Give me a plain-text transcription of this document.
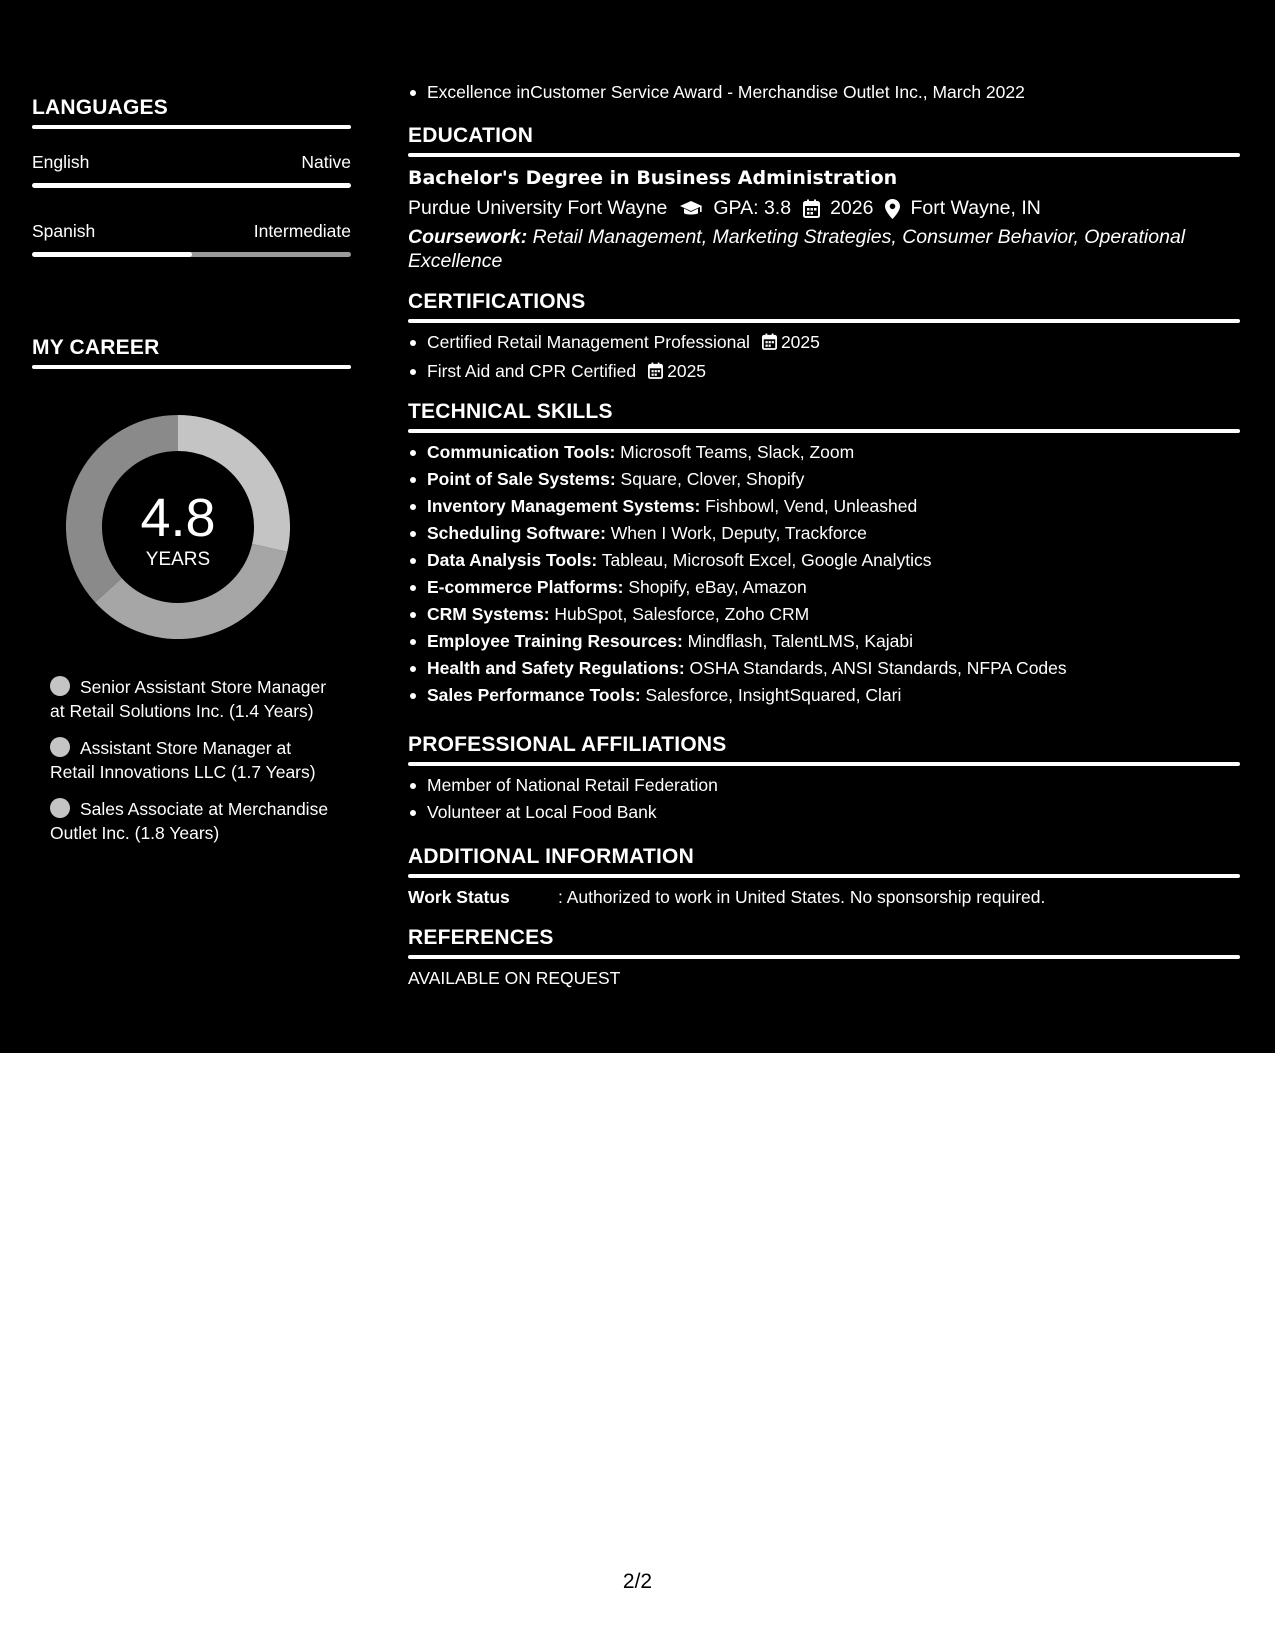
LANGUAGES
English	Native
Spanish	Intermediate
MY CAREER
4.8
YEARS
Senior Assistant Store Manager at Retail Solutions Inc. (1.4 Years)
Assistant Store Manager at Retail Innovations LLC (1.7 Years)
Sales Associate at Merchandise Outlet Inc. (1.8 Years)
Excellence inCustomer Service Award - Merchandise Outlet Inc., March 2022
EDUCATION
Bachelor's Degree in Business Administration
Purdue University Fort Wayne GPA: 3.8 2026 Fort Wayne, IN
Coursework: Retail Management, Marketing Strategies, Consumer Behavior, Operational Excellence
CERTIFICATIONS
Certified Retail Management Professional 2025
First Aid and CPR Certified 2025
TECHNICAL SKILLS
Communication Tools: Microsoft Teams, Slack, Zoom
Point of Sale Systems: Square, Clover, Shopify
Inventory Management Systems: Fishbowl, Vend, Unleashed
Scheduling Software: When I Work, Deputy, Trackforce
Data Analysis Tools: Tableau, Microsoft Excel, Google Analytics
E-commerce Platforms: Shopify, eBay, Amazon
CRM Systems: HubSpot, Salesforce, Zoho CRM
Employee Training Resources: Mindflash, TalentLMS, Kajabi
Health and Safety Regulations: OSHA Standards, ANSI Standards, NFPA Codes
Sales Performance Tools: Salesforce, InsightSquared, Clari
PROFESSIONAL AFFILIATIONS
Member of National Retail Federation
Volunteer at Local Food Bank
ADDITIONAL INFORMATION
Work Status	: Authorized to work in United States. No sponsorship required.
REFERENCES
AVAILABLE ON REQUEST
2/2
